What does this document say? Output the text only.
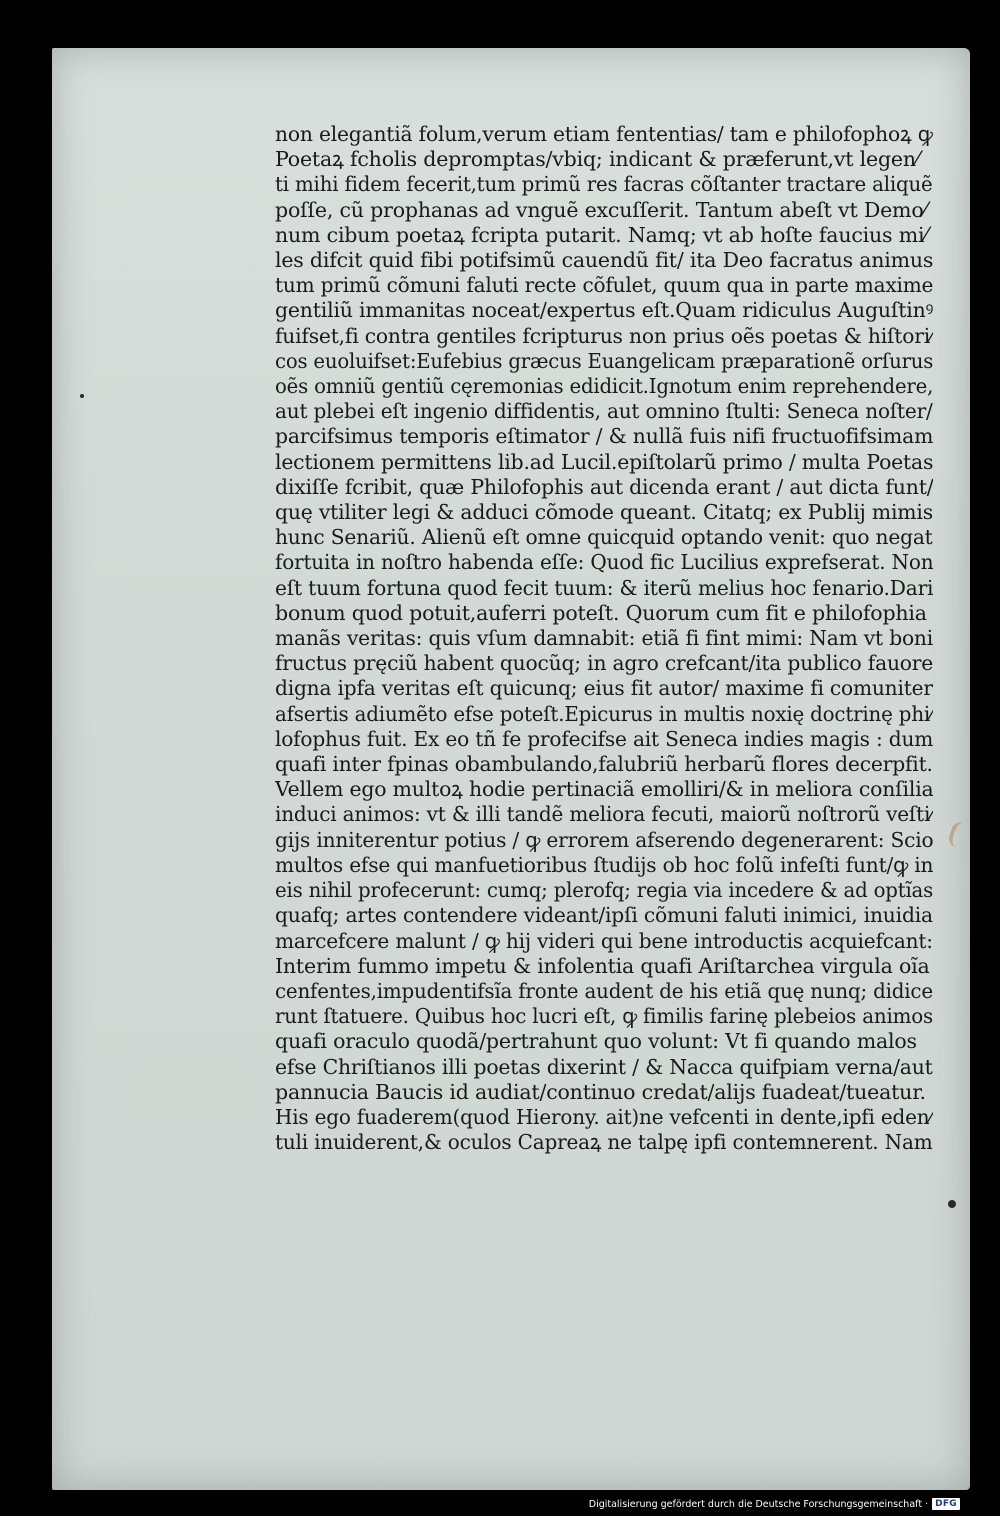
non elegantiã folum,verum etiam fententias/ tam e philofophoꝝ ꝙ
Poetaꝝ fcholis depromptas/vbiq; indicant & præferunt,vt legen⁄
ti mihi fidem fecerit,tum primũ res facras cõſtanter tractare aliquẽ
poſſe, cũ prophanas ad vnguẽ excuſſerit. Tantum abeſt vt Demo⁄
num cibum poetaꝝ fcripta putarit. Namq; vt ab hoſte faucius mi⁄
les difcit quid fibi potifsimũ cauendũ fit/ ita Deo facratus animus
tum primũ cõmuni faluti recte cõfulet, quum qua in parte maxime
gentiliũ immanitas noceat/expertus eſt.Quam ridiculus Auguſtinꝰ
fuifset,fi contra gentiles fcripturus non prius oẽs poetas & hiſtori⁄
cos euoluifset:Eufebius græcus Euangelicam præparationẽ orſurus
oẽs omniũ gentiũ cęremonias edidicit.Ignotum enim reprehendere,
aut plebei eſt ingenio diffidentis, aut omnino ſtulti: Seneca noſter/
parcifsimus temporis eſtimator / & nullã fuis nifi fructuofifsimam
lectionem permittens lib.ad Lucil.epiſtolarũ primo / multa Poetas
dixiſſe fcribit, quæ Philofophis aut dicenda erant / aut dicta funt/
quę vtiliter legi & adduci cõmode queant. Citatq; ex Publij mimis
hunc Senariũ. Alienũ eſt omne quicquid optando venit: quo negat
fortuita in noſtro habenda eſſe: Quod fic Lucilius exprefserat. Non
eſt tuum fortuna quod fecit tuum: & iterũ melius hoc fenario.Dari
bonum quod potuit,auferri poteſt. Quorum cum fit e philofophia
manãs veritas: quis vſum damnabit: etiã fi fint mimi: Nam vt boni
fructus pręciũ habent quocũq; in agro crefcant/ita publico fauore
digna ipfa veritas eſt quicunq; eius fit autor/ maxime fi comuniter
afsertis adiumẽto efse poteſt.Epicurus in multis noxię doctrinę phi⁄
lofophus fuit. Ex eo tñ fe profecifse ait Seneca indies magis : dum
quafi inter fpinas obambulando,falubriũ herbarũ flores decerpfit.
Vellem ego multoꝝ hodie pertinaciã emolliri/& in meliora conſilia
induci animos: vt & illi tandẽ meliora fecuti, maiorũ noſtrorũ veſti⁄
gijs inniterentur potius / ꝙ errorem afserendo degenerarent: Scio
multos efse qui manfuetioribus ſtudijs ob hoc folũ infeſti funt/ꝙ in
eis nihil profecerunt: cumq; plerofq; regia via incedere & ad optĩas
quafq; artes contendere videant/ipſi cõmuni faluti inimici, inuidia
marcefcere malunt / ꝙ hij videri qui bene introductis acquiefcant:
Interim fummo impetu & infolentia quafi Ariſtarchea virgula oĩa
cenfentes,impudentifsĩa fronte audent de his etiã quę nunq; didice
runt ſtatuere. Quibus hoc lucri eſt, ꝙ fimilis farinę plebeios animos
quafi oraculo quodã/pertrahunt quo volunt: Vt fi quando malos
efse Chriſtianos illi poetas dixerint / & Nacca quifpiam verna/aut
pannucia Baucis id audiat/continuo credat/alijs fuadeat/tueatur.
His ego fuaderem(quod Hierony. ait)ne vefcenti in dente,ipfi eden⁄
tuli inuiderent,& oculos Capreaꝝ ne talpę ipfi contemnerent. Nam
Digitalisierung gefördert durch die Deutsche Forschungsgemeinschaft · DFG
